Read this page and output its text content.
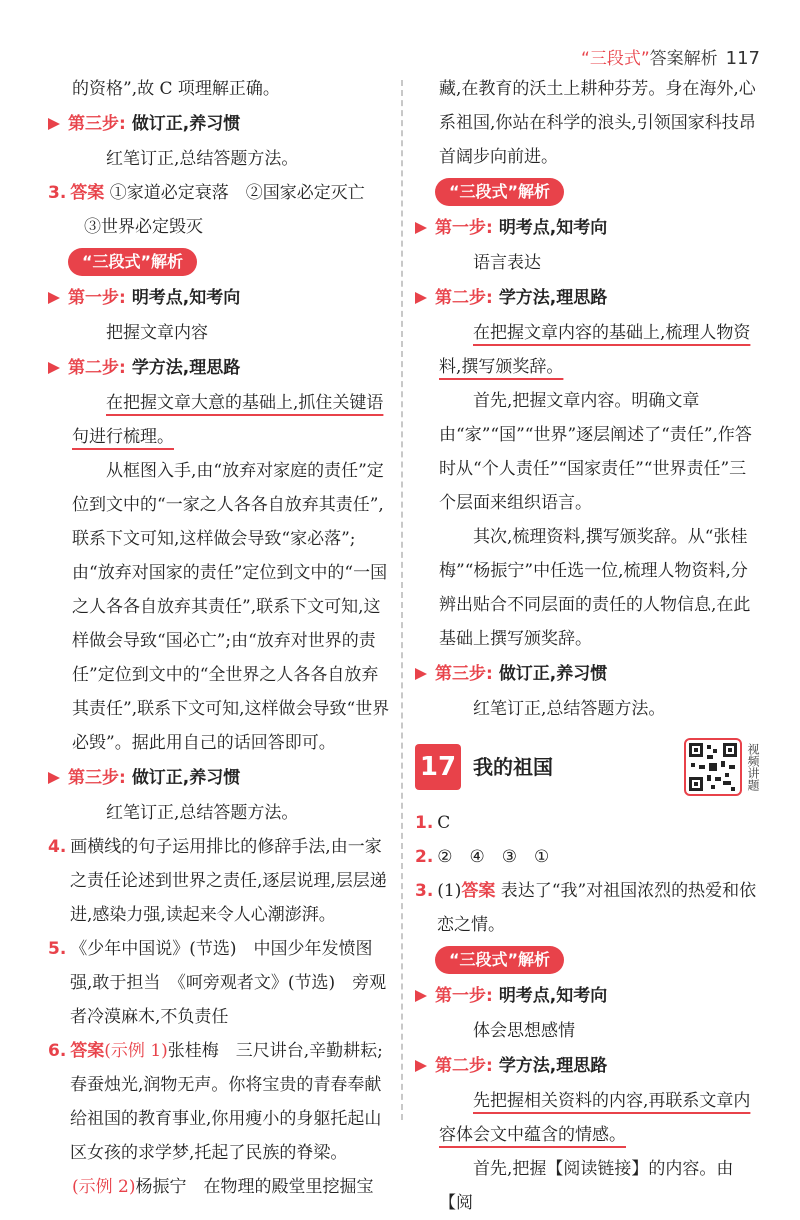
“三段式”答案解析 117

的资格”,故 C 项理解正确。

第三步: 做订正,养习惯

红笔订正,总结答题方法。

3. 答案 ①家道必定衰落　②国家必定灭亡

③世界必定毁灭

“三段式”解析
第一步: 明考点,知考向

把握文章内容

第二步: 学方法,理思路

在把握文章大意的基础上,抓住关键语句进行梳理。

从框图入手,由“放弃对家庭的责任”定位到文中的“一家之人各各自放弃其责任”,联系下文可知,这样做会导致“家必落”;由“放弃对国家的责任”定位到文中的“一国之人各各自放弃其责任”,联系下文可知,这样做会导致“国必亡”;由“放弃对世界的责任”定位到文中的“全世界之人各各自放弃其责任”,联系下文可知,这样做会导致“世界必毁”。据此用自己的话回答即可。

第三步: 做订正,养习惯

红笔订正,总结答题方法。

4. 画横线的句子运用排比的修辞手法,由一家之责任论述到世界之责任,逐层说理,层层递进,感染力强,读起来令人心潮澎湃。

5. 《少年中国说》(节选)　中国少年发愤图强,敢于担当　《呵旁观者文》(节选)　旁观者冷漠麻木,不负责任

6. 答案(示例 1)张桂梅　三尺讲台,辛勤耕耘;春蚕烛光,润物无声。你将宝贵的青春奉献给祖国的教育事业,你用瘦小的身躯托起山区女孩的求学梦,托起了民族的脊梁。

(示例 2)杨振宁　在物理的殿堂里挖掘宝

藏,在教育的沃土上耕种芬芳。身在海外,心系祖国,你站在科学的浪头,引领国家科技昂首阔步向前进。

“三段式”解析
第一步: 明考点,知考向

语言表达

第二步: 学方法,理思路

在把握文章内容的基础上,梳理人物资料,撰写颁奖辞。

首先,把握文章内容。明确文章由“家”“国”“世界”逐层阐述了“责任”,作答时从“个人责任”“国家责任”“世界责任”三个层面来组织语言。

其次,梳理资料,撰写颁奖辞。从“张桂梅”“杨振宁”中任选一位,梳理人物资料,分辨出贴合不同层面的责任的人物信息,在此基础上撰写颁奖辞。

第三步: 做订正,养习惯

红笔订正,总结答题方法。

17 我的祖国	视频讲题

1. C

2. ②　④　③　①

3. (1)答案 表达了“我”对祖国浓烈的热爱和依恋之情。

“三段式”解析
第一步: 明考点,知考向

体会思想感情

第二步: 学方法,理思路

先把握相关资料的内容,再联系文章内容体会文中蕴含的情感。

首先,把握【阅读链接】的内容。由【阅
